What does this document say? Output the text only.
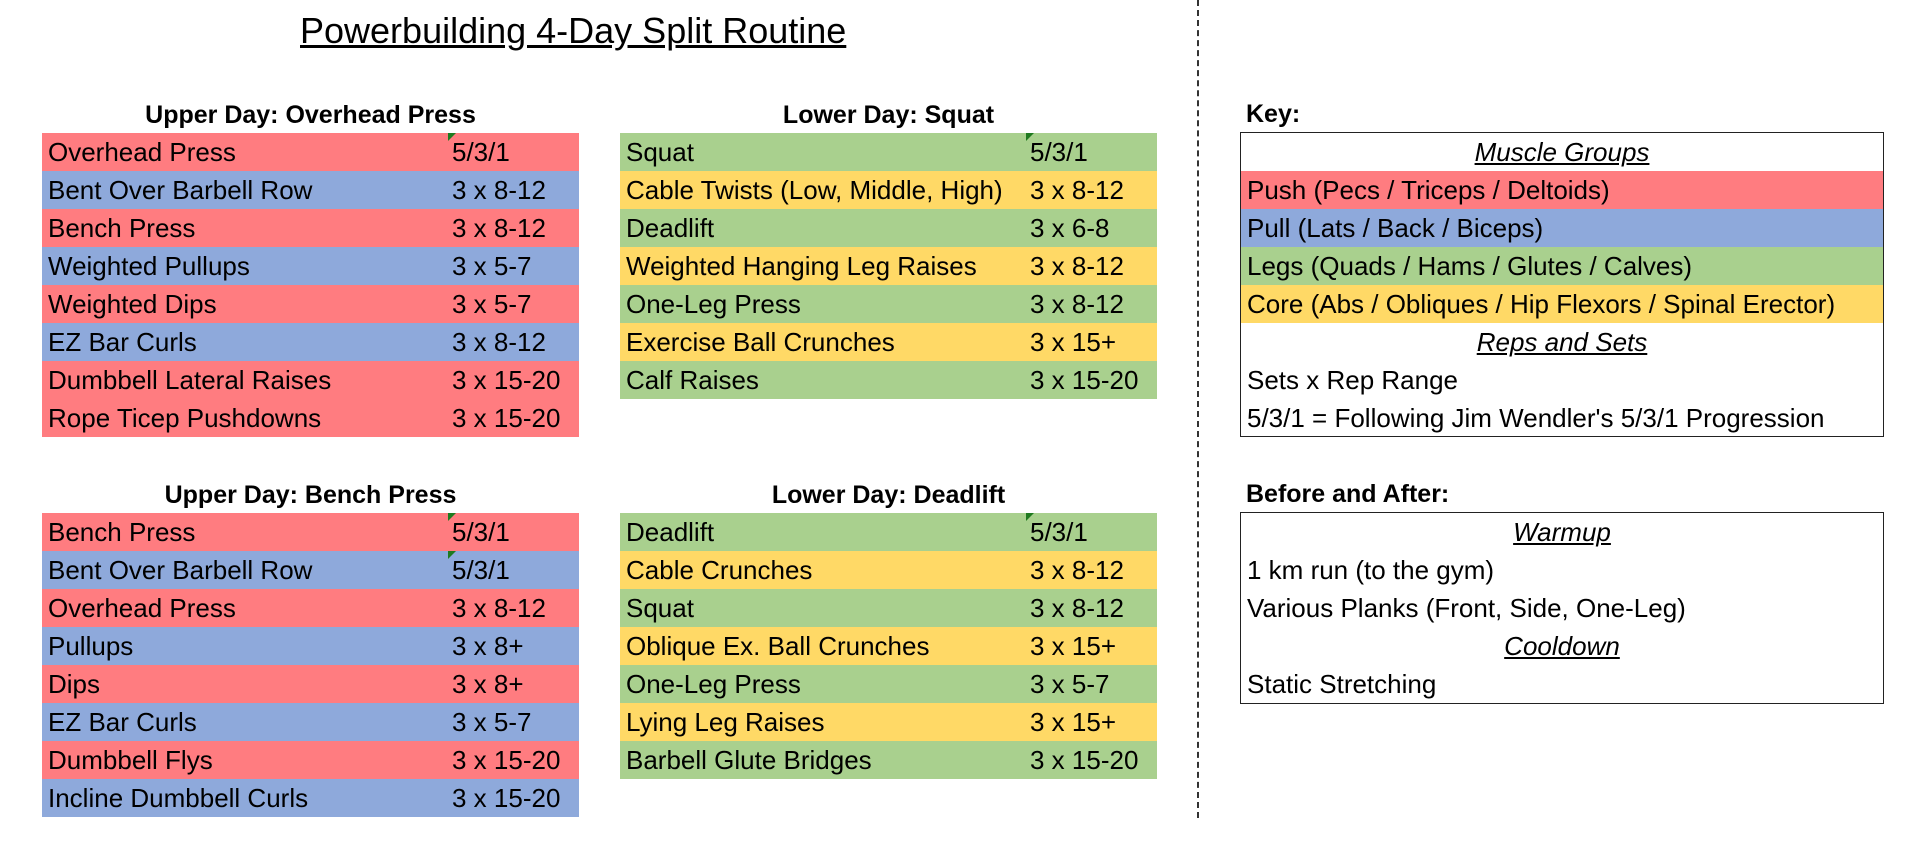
Powerbuilding 4-Day Split Routine
Upper Day: Overhead Press
Overhead Press	5/3/1
Bent Over Barbell Row	3 x 8-12
Bench Press	3 x 8-12
Weighted Pullups	3 x 5-7
Weighted Dips	3 x 5-7
EZ Bar Curls	3 x 8-12
Dumbbell Lateral Raises	3 x 15-20
Rope Ticep Pushdowns	3 x 15-20
Lower Day: Squat
Squat	5/3/1
Cable Twists (Low, Middle, High) 3 x 8-12
Deadlift	3 x 6-8
Weighted Hanging Leg Raises 3 x 8-12
One-Leg Press	3 x 8-12
Exercise Ball Crunches	3 x 15+
Calf Raises	3 x 15-20
Upper Day: Bench Press
Bench Press	5/3/1
Bent Over Barbell Row	5/3/1
Overhead Press	3 x 8-12
Pullups	3 x 8+
Dips	3 x 8+
EZ Bar Curls	3 x 5-7
Dumbbell Flys	3 x 15-20
Incline Dumbbell Curls	3 x 15-20
Lower Day: Deadlift
Deadlift	5/3/1
Cable Crunches	3 x 8-12
Squat	3 x 8-12
Oblique Ex. Ball Crunches	3 x 15+
One-Leg Press	3 x 5-7
Lying Leg Raises	3 x 15+
Barbell Glute Bridges	3 x 15-20
Key:
Muscle Groups
Push (Pecs / Triceps / Deltoids)
Pull (Lats / Back / Biceps)
Legs (Quads / Hams / Glutes / Calves)
Core (Abs / Obliques / Hip Flexors / Spinal Erector)
Reps and Sets
Sets x Rep Range
5/3/1 = Following Jim Wendler's 5/3/1 Progression
Before and After:
Warmup
1 km run (to the gym)
Various Planks (Front, Side, One-Leg)
Cooldown
Static Stretching
